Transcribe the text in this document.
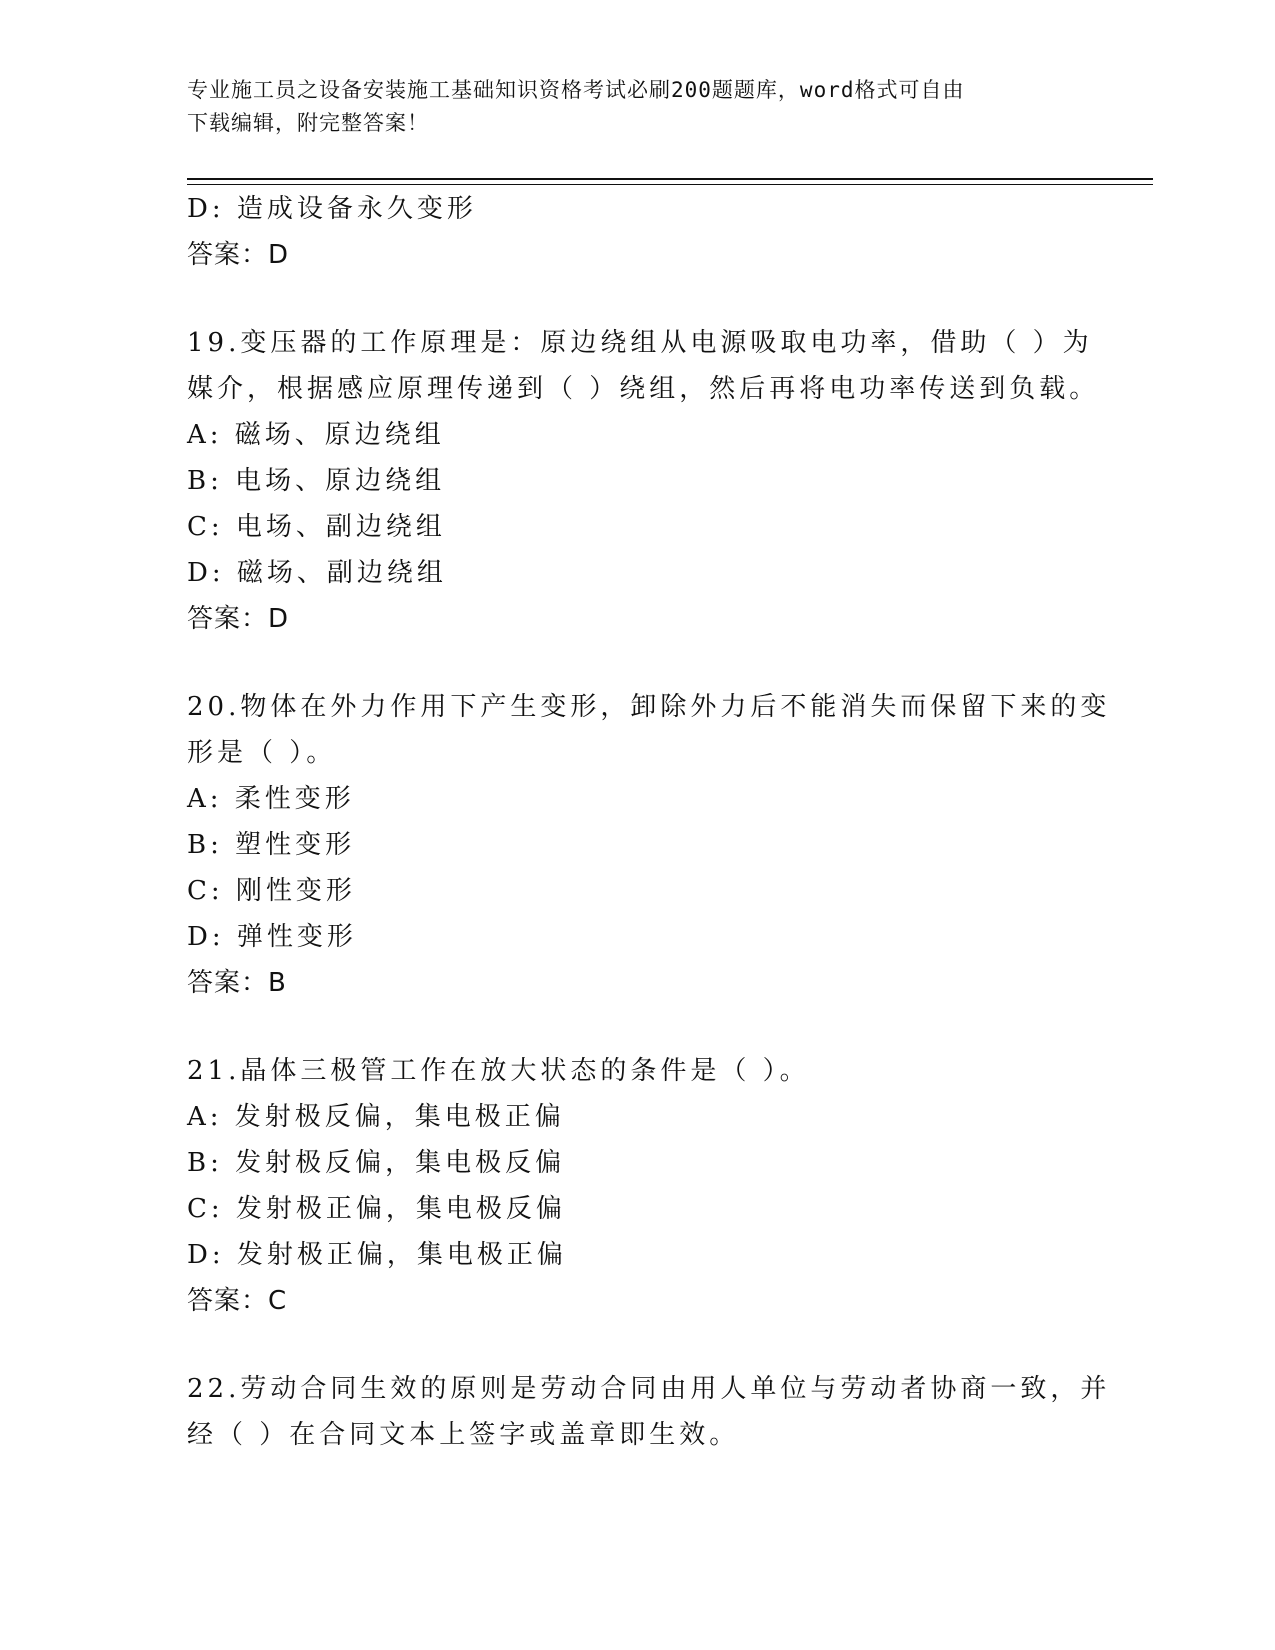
专业施工员之设备安装施工基础知识资格考试必刷200题题库，word格式可自由
下载编辑，附完整答案！
D: 造成设备永久变形
答案：D
19.变压器的工作原理是：原边绕组从电源吸取电功率，借助（ ）为
媒介，根据感应原理传递到（ ）绕组，然后再将电功率传送到负载。
A: 磁场、原边绕组
B: 电场、原边绕组
C: 电场、副边绕组
D: 磁场、副边绕组
答案：D
20.物体在外力作用下产生变形，卸除外力后不能消失而保留下来的变
形是（ ）。
A: 柔性变形
B: 塑性变形
C: 刚性变形
D: 弹性变形
答案：B
21.晶体三极管工作在放大状态的条件是（ ）。
A: 发射极反偏，集电极正偏
B: 发射极反偏，集电极反偏
C: 发射极正偏，集电极反偏
D: 发射极正偏，集电极正偏
答案：C
22.劳动合同生效的原则是劳动合同由用人单位与劳动者协商一致，并
经（ ）在合同文本上签字或盖章即生效。
